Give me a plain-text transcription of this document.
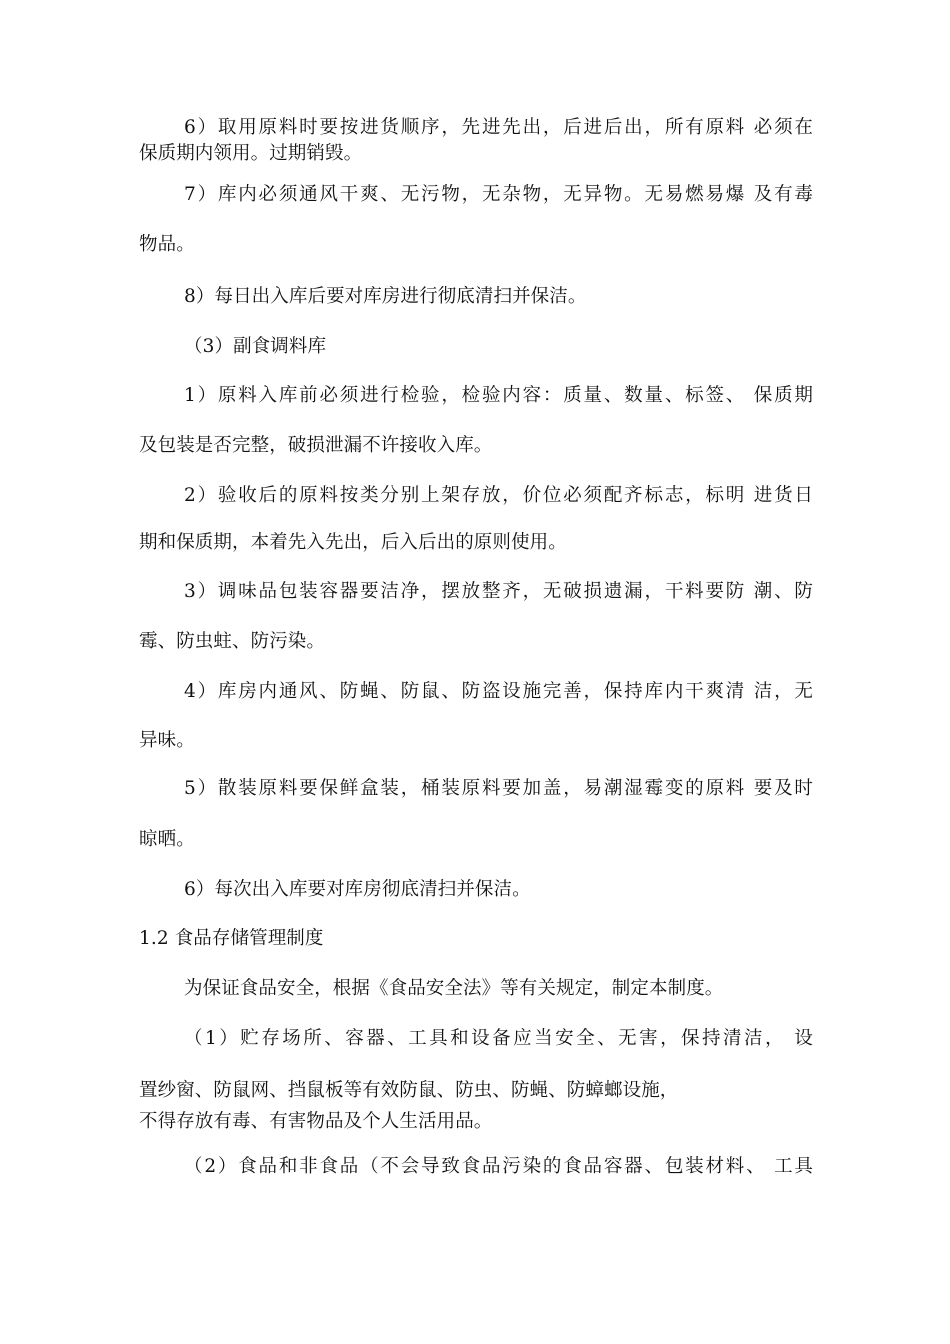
6）取用原料时要按进货顺序，先进先出，后进后出，所有原料 必须在
保质期内领用。过期销毁。
7）库内必须通风干爽、无污物，无杂物，无异物。无易燃易爆 及有毒
物品。
8）每日出入库后要对库房进行彻底清扫并保洁。
（3）副食调料库
1）原料入库前必须进行检验，检验内容：质量、数量、标签、 保质期
及包装是否完整，破损泄漏不许接收入库。
2）验收后的原料按类分别上架存放，价位必须配齐标志，标明 进货日
期和保质期，本着先入先出，后入后出的原则使用。
3）调味品包装容器要洁净，摆放整齐，无破损遗漏，干料要防 潮、防
霉、防虫蛀、防污染。
4）库房内通风、防蝇、防鼠、防盗设施完善，保持库内干爽清 洁，无
异味。
5）散装原料要保鲜盒装，桶装原料要加盖，易潮湿霉变的原料 要及时
晾晒。
6）每次出入库要对库房彻底清扫并保洁。
1.2 食品存储管理制度
为保证食品安全，根据《食品安全法》等有关规定，制定本制度。
（1）贮存场所、容器、工具和设备应当安全、无害，保持清洁， 设
置纱窗、防鼠网、挡鼠板等有效防鼠、防虫、防蝇、防蟑螂设施，
不得存放有毒、有害物品及个人生活用品。
（2）食品和非食品（不会导致食品污染的食品容器、包装材料、 工具
